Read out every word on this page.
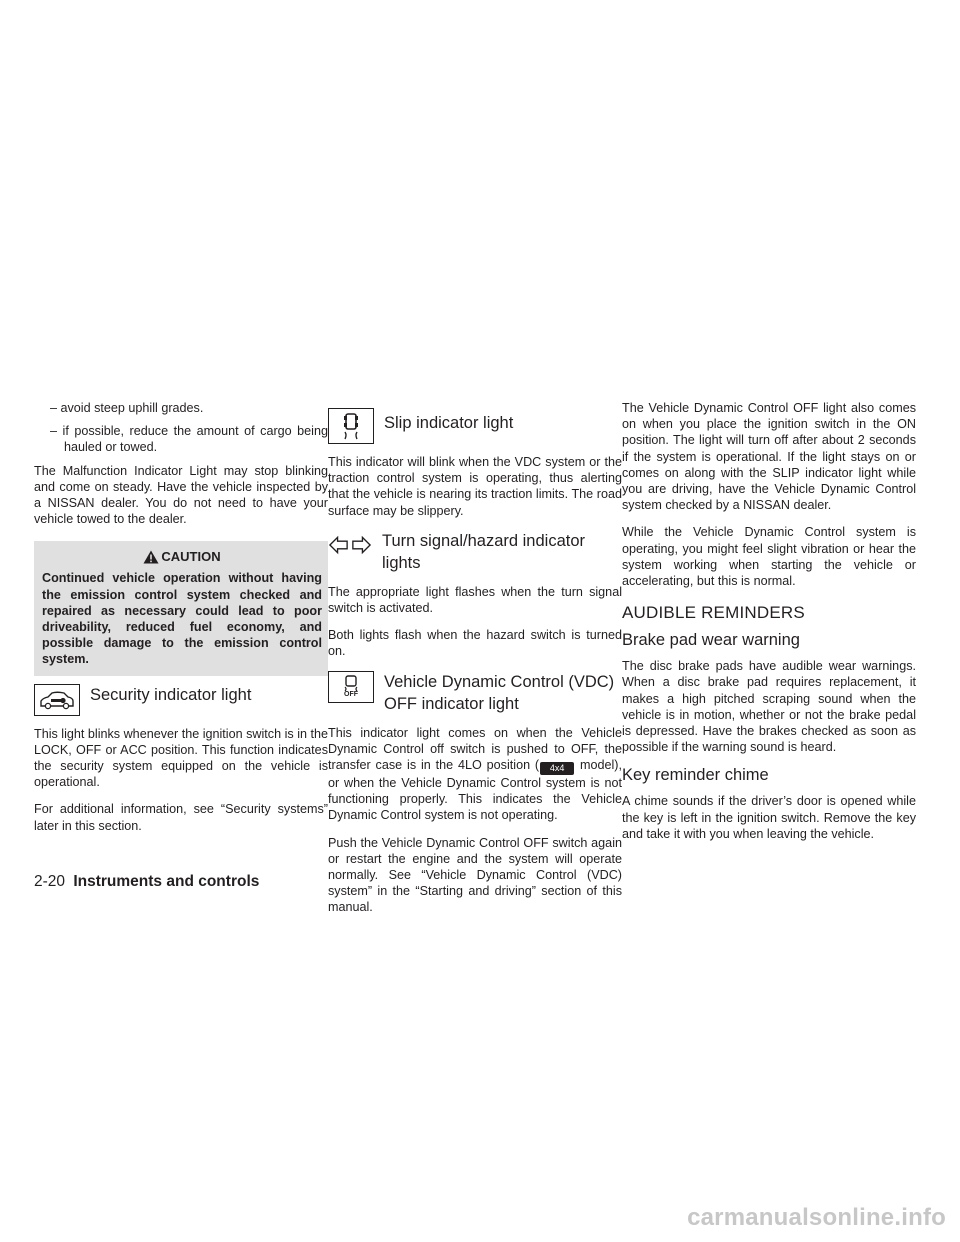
– avoid steep uphill grades.

– if possible, reduce the amount of cargo being hauled or towed.

The Malfunction Indicator Light may stop blinking and come on steady. Have the vehicle inspected by a NISSAN dealer. You do not need to have your vehicle towed to the dealer.

CAUTION

Continued vehicle operation without having the emission control system checked and repaired as necessary could lead to poor driveability, reduced fuel economy, and possible damage to the emission control system.

Security indicator light

This light blinks whenever the ignition switch is in the LOCK, OFF or ACC position. This function indicates the security system equipped on the vehicle is operational.

For additional information, see “Security systems” later in this section.

Slip indicator light

This indicator will blink when the VDC system or the traction control system is operating, thus alerting that the vehicle is nearing its traction limits. The road surface may be slippery.

Turn signal/hazard indicator lights

The appropriate light flashes when the turn signal switch is activated.

Both lights flash when the hazard switch is turned on.

OFF
Vehicle Dynamic Control (VDC) OFF indicator light

This indicator light comes on when the Vehicle Dynamic Control off switch is pushed to OFF, the transfer case is in the 4LO position ( 4x4 model), or when the Vehicle Dynamic Control system is not functioning properly. This indicates the Vehicle Dynamic Control system is not operating.

Push the Vehicle Dynamic Control OFF switch again or restart the engine and the system will operate normally. See “Vehicle Dynamic Control (VDC) system” in the “Starting and driving” section of this manual.

The Vehicle Dynamic Control OFF light also comes on when you place the ignition switch in the ON position. The light will turn off after about 2 seconds if the system is operational. If the light stays on or comes on along with the SLIP indicator light while you are driving, have the Vehicle Dynamic Control system checked by a NISSAN dealer.

While the Vehicle Dynamic Control system is operating, you might feel slight vibration or hear the system working when starting the vehicle or accelerating, but this is normal.

AUDIBLE REMINDERS
Brake pad wear warning

The disc brake pads have audible wear warnings. When a disc brake pad requires replacement, it makes a high pitched scraping sound when the vehicle is in motion, whether or not the brake pedal is depressed. Have the brakes checked as soon as possible if the warning sound is heard.

Key reminder chime

A chime sounds if the driver’s door is opened while the key is left in the ignition switch. Remove the key and take it with you when leaving the vehicle.

2-20 Instruments and controls
carmanualsonline.info
